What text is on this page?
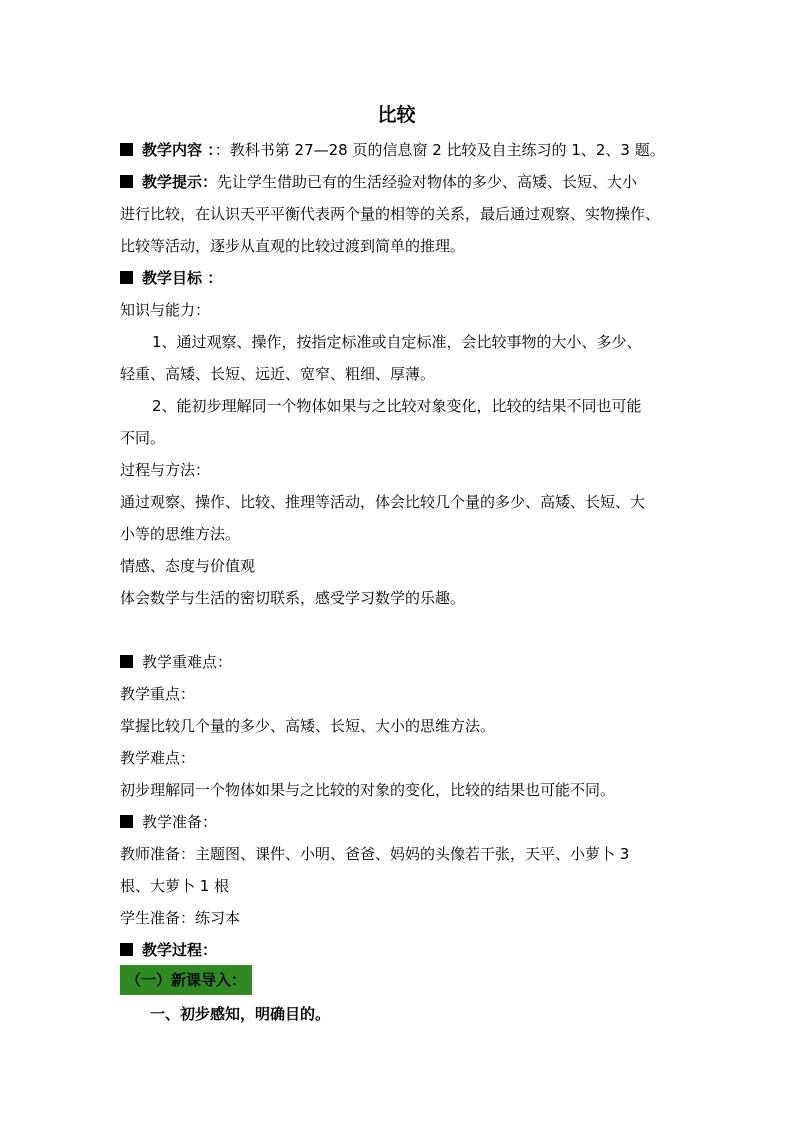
比较
教学内容 ：：教科书第 27—28 页的信息窗 2 比较及自主练习的 1、2、3 题。
教学提示：先让学生借助已有的生活经验对物体的多少、高矮、长短、大小
进行比较，在认识天平平衡代表两个量的相等的关系，最后通过观察、实物操作、
比较等活动，逐步从直观的比较过渡到简单的推理。
教学目标 ：
知识与能力：
1、通过观察、操作，按指定标准或自定标准，会比较事物的大小、多少、
轻重、高矮、长短、远近、宽窄、粗细、厚薄。
2、能初步理解同一个物体如果与之比较对象变化，比较的结果不同也可能
不同。
过程与方法：
通过观察、操作、比较、推理等活动，体会比较几个量的多少、高矮、长短、大
小等的思维方法。
情感、态度与价值观
体会数学与生活的密切联系，感受学习数学的乐趣。
教学重难点：
教学重点：
掌握比较几个量的多少、高矮、长短、大小的思维方法。
教学难点：
初步理解同一个物体如果与之比较的对象的变化，比较的结果也可能不同。
教学准备：
教师准备：主题图、课件、小明、爸爸、妈妈的头像若干张，天平、小萝卜 3
根、大萝卜 1 根
学生准备：练习本
教学过程：
（一）新课导入：
一、初步感知，明确目的。
